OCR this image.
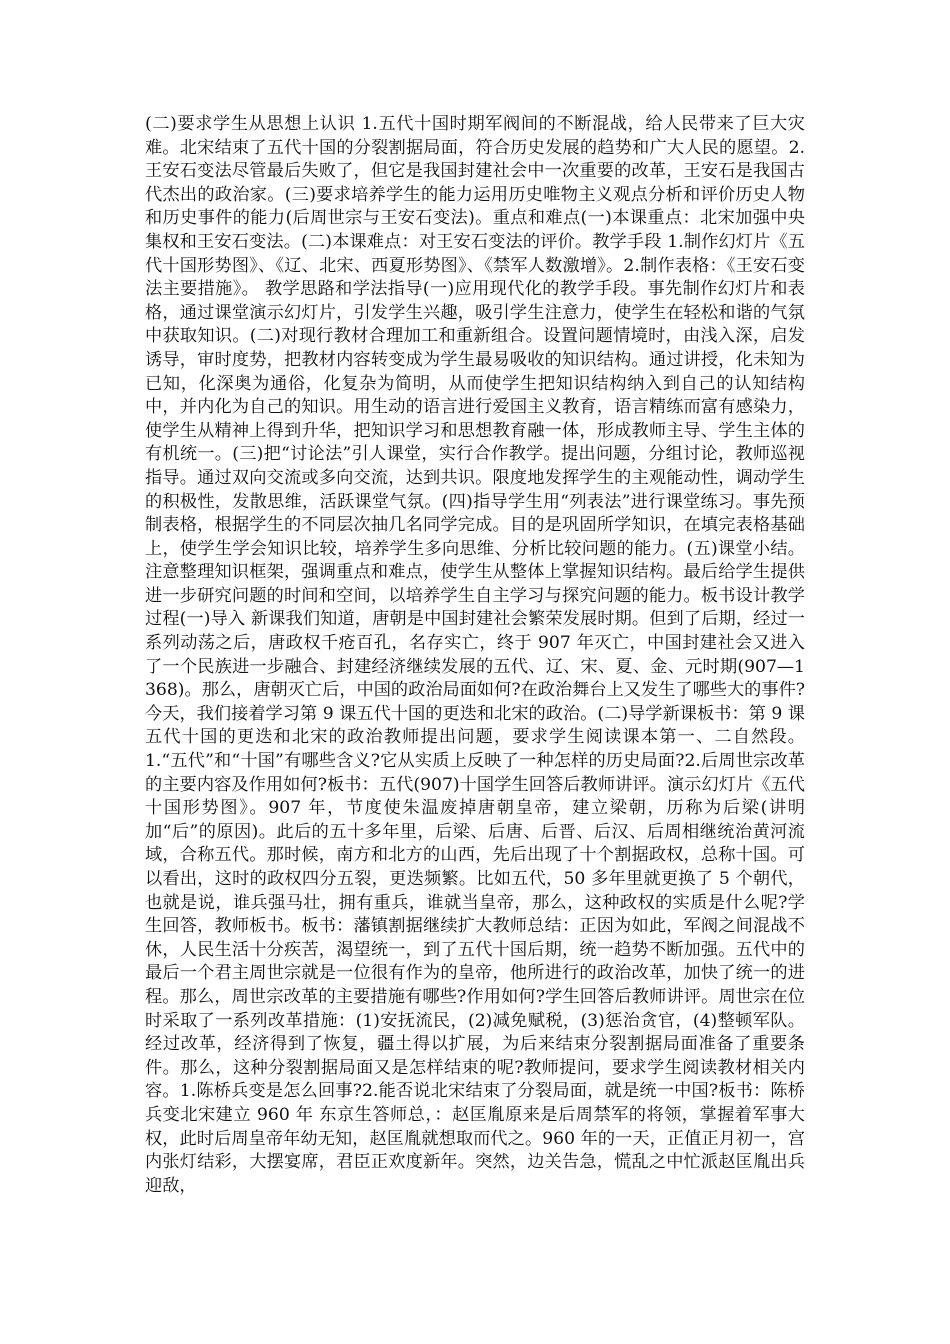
(二)要求学生从思想上认识 1.五代十国时期军阀间的不断混战，给人民带来了巨大灾难。北宋结束了五代十国的分裂割据局面，符合历史发展的趋势和广大人民的愿望。2.王安石变法尽管最后失败了，但它是我国封建社会中一次重要的改革，王安石是我国古代杰出的政治家。(三)要求培养学生的能力运用历史唯物主义观点分析和评价历史人物和历史事件的能力(后周世宗与王安石变法)。重点和难点(一)本课重点：北宋加强中央集权和王安石变法。(二)本课难点：对王安石变法的评价。教学手段 1.制作幻灯片《五代十国形势图》、《辽、北宋、西夏形势图》、《禁军人数激增》。2.制作表格：《王安石变法主要措施》。 教学思路和学法指导(一)应用现代化的教学手段。事先制作幻灯片和表格，通过课堂演示幻灯片，引发学生兴趣，吸引学生注意力，使学生在轻松和谐的气氛中获取知识。(二)对现行教材合理加工和重新组合。设置问题情境时，由浅入深，启发诱导，审时度势，把教材内容转变成为学生最易吸收的知识结构。通过讲授，化未知为已知，化深奥为通俗，化复杂为简明，从而使学生把知识结构纳入到自己的认知结构中，并内化为自己的知识。用生动的语言进行爱国主义教育，语言精练而富有感染力，使学生从精神上得到升华，把知识学习和思想教育融一体，形成教师主导、学生主体的有机统一。(三)把“讨论法”引人课堂，实行合作教学。提出问题，分组讨论，教师巡视指导。通过双向交流或多向交流，达到共识。限度地发挥学生的主观能动性，调动学生的积极性，发散思维，活跃课堂气氛。(四)指导学生用“列表法”进行课堂练习。事先预制表格，根据学生的不同层次抽几名同学完成。目的是巩固所学知识，在填完表格基础上，使学生学会知识比较，培养学生多向思维、分析比较问题的能力。(五)课堂小结。注意整理知识框架，强调重点和难点，使学生从整体上掌握知识结构。最后给学生提供进一步研究问题的时间和空间，以培养学生自主学习与探究问题的能力。板书设计教学过程(一)导入 新课我们知道，唐朝是中国封建社会繁荣发展时期。但到了后期，经过一系列动荡之后，唐政权千疮百孔，名存实亡，终于 907 年灭亡，中国封建社会又进入了一个民族进一步融合、封建经济继续发展的五代、辽、宋、夏、金、元时期(907—1368)。那么，唐朝灭亡后，中国的政治局面如何?在政治舞台上又发生了哪些大的事件?今天，我们接着学习第 9 课五代十国的更迭和北宋的政治。(二)导学新课板书：第 9 课 五代十国的更迭和北宋的政治教师提出问题，要求学生阅读课本第一、二自然段。1.“五代”和“十国”有哪些含义?它从实质上反映了一种怎样的历史局面?2.后周世宗改革的主要内容及作用如何?板书：五代(907)十国学生回答后教师讲评。演示幻灯片《五代十国形势图》。907 年，节度使朱温废掉唐朝皇帝，建立梁朝，历称为后梁(讲明加“后”的原因)。此后的五十多年里，后梁、后唐、后晋、后汉、后周相继统治黄河流域，合称五代。那时候，南方和北方的山西，先后出现了十个割据政权，总称十国。可以看出，这时的政权四分五裂，更迭频繁。比如五代，50 多年里就更换了 5 个朝代，也就是说，谁兵强马壮，拥有重兵，谁就当皇帝，那么，这种政权的实质是什么呢?学生回答，教师板书。板书：藩镇割据继续扩大教师总结：正因为如此，军阀之间混战不休，人民生活十分疾苦，渴望统一，到了五代十国后期，统一趋势不断加强。五代中的最后一个君主周世宗就是一位很有作为的皇帝，他所进行的政治改革，加快了统一的进程。那么，周世宗改革的主要措施有哪些?作用如何?学生回答后教师讲评。周世宗在位时采取了一系列改革措施：(1)安抚流民，(2)减免赋税，(3)惩治贪官，(4)整顿军队。经过改革，经济得到了恢复，疆土得以扩展，为后来结束分裂割据局面准备了重要条件。那么，这种分裂割据局面又是怎样结束的呢?教师提问，要求学生阅读教材相关内容。1.陈桥兵变是怎么回事?2.能否说北宋结束了分裂局面，就是统一中国?板书：陈桥兵变北宋建立 960 年 东京生答师总，：赵匡胤原来是后周禁军的将领，掌握着军事大权，此时后周皇帝年幼无知，赵匡胤就想取而代之。960 年的一天，正值正月初一，宫内张灯结彩，大摆宴席，君臣正欢度新年。突然，边关告急，慌乱之中忙派赵匡胤出兵迎敌，
